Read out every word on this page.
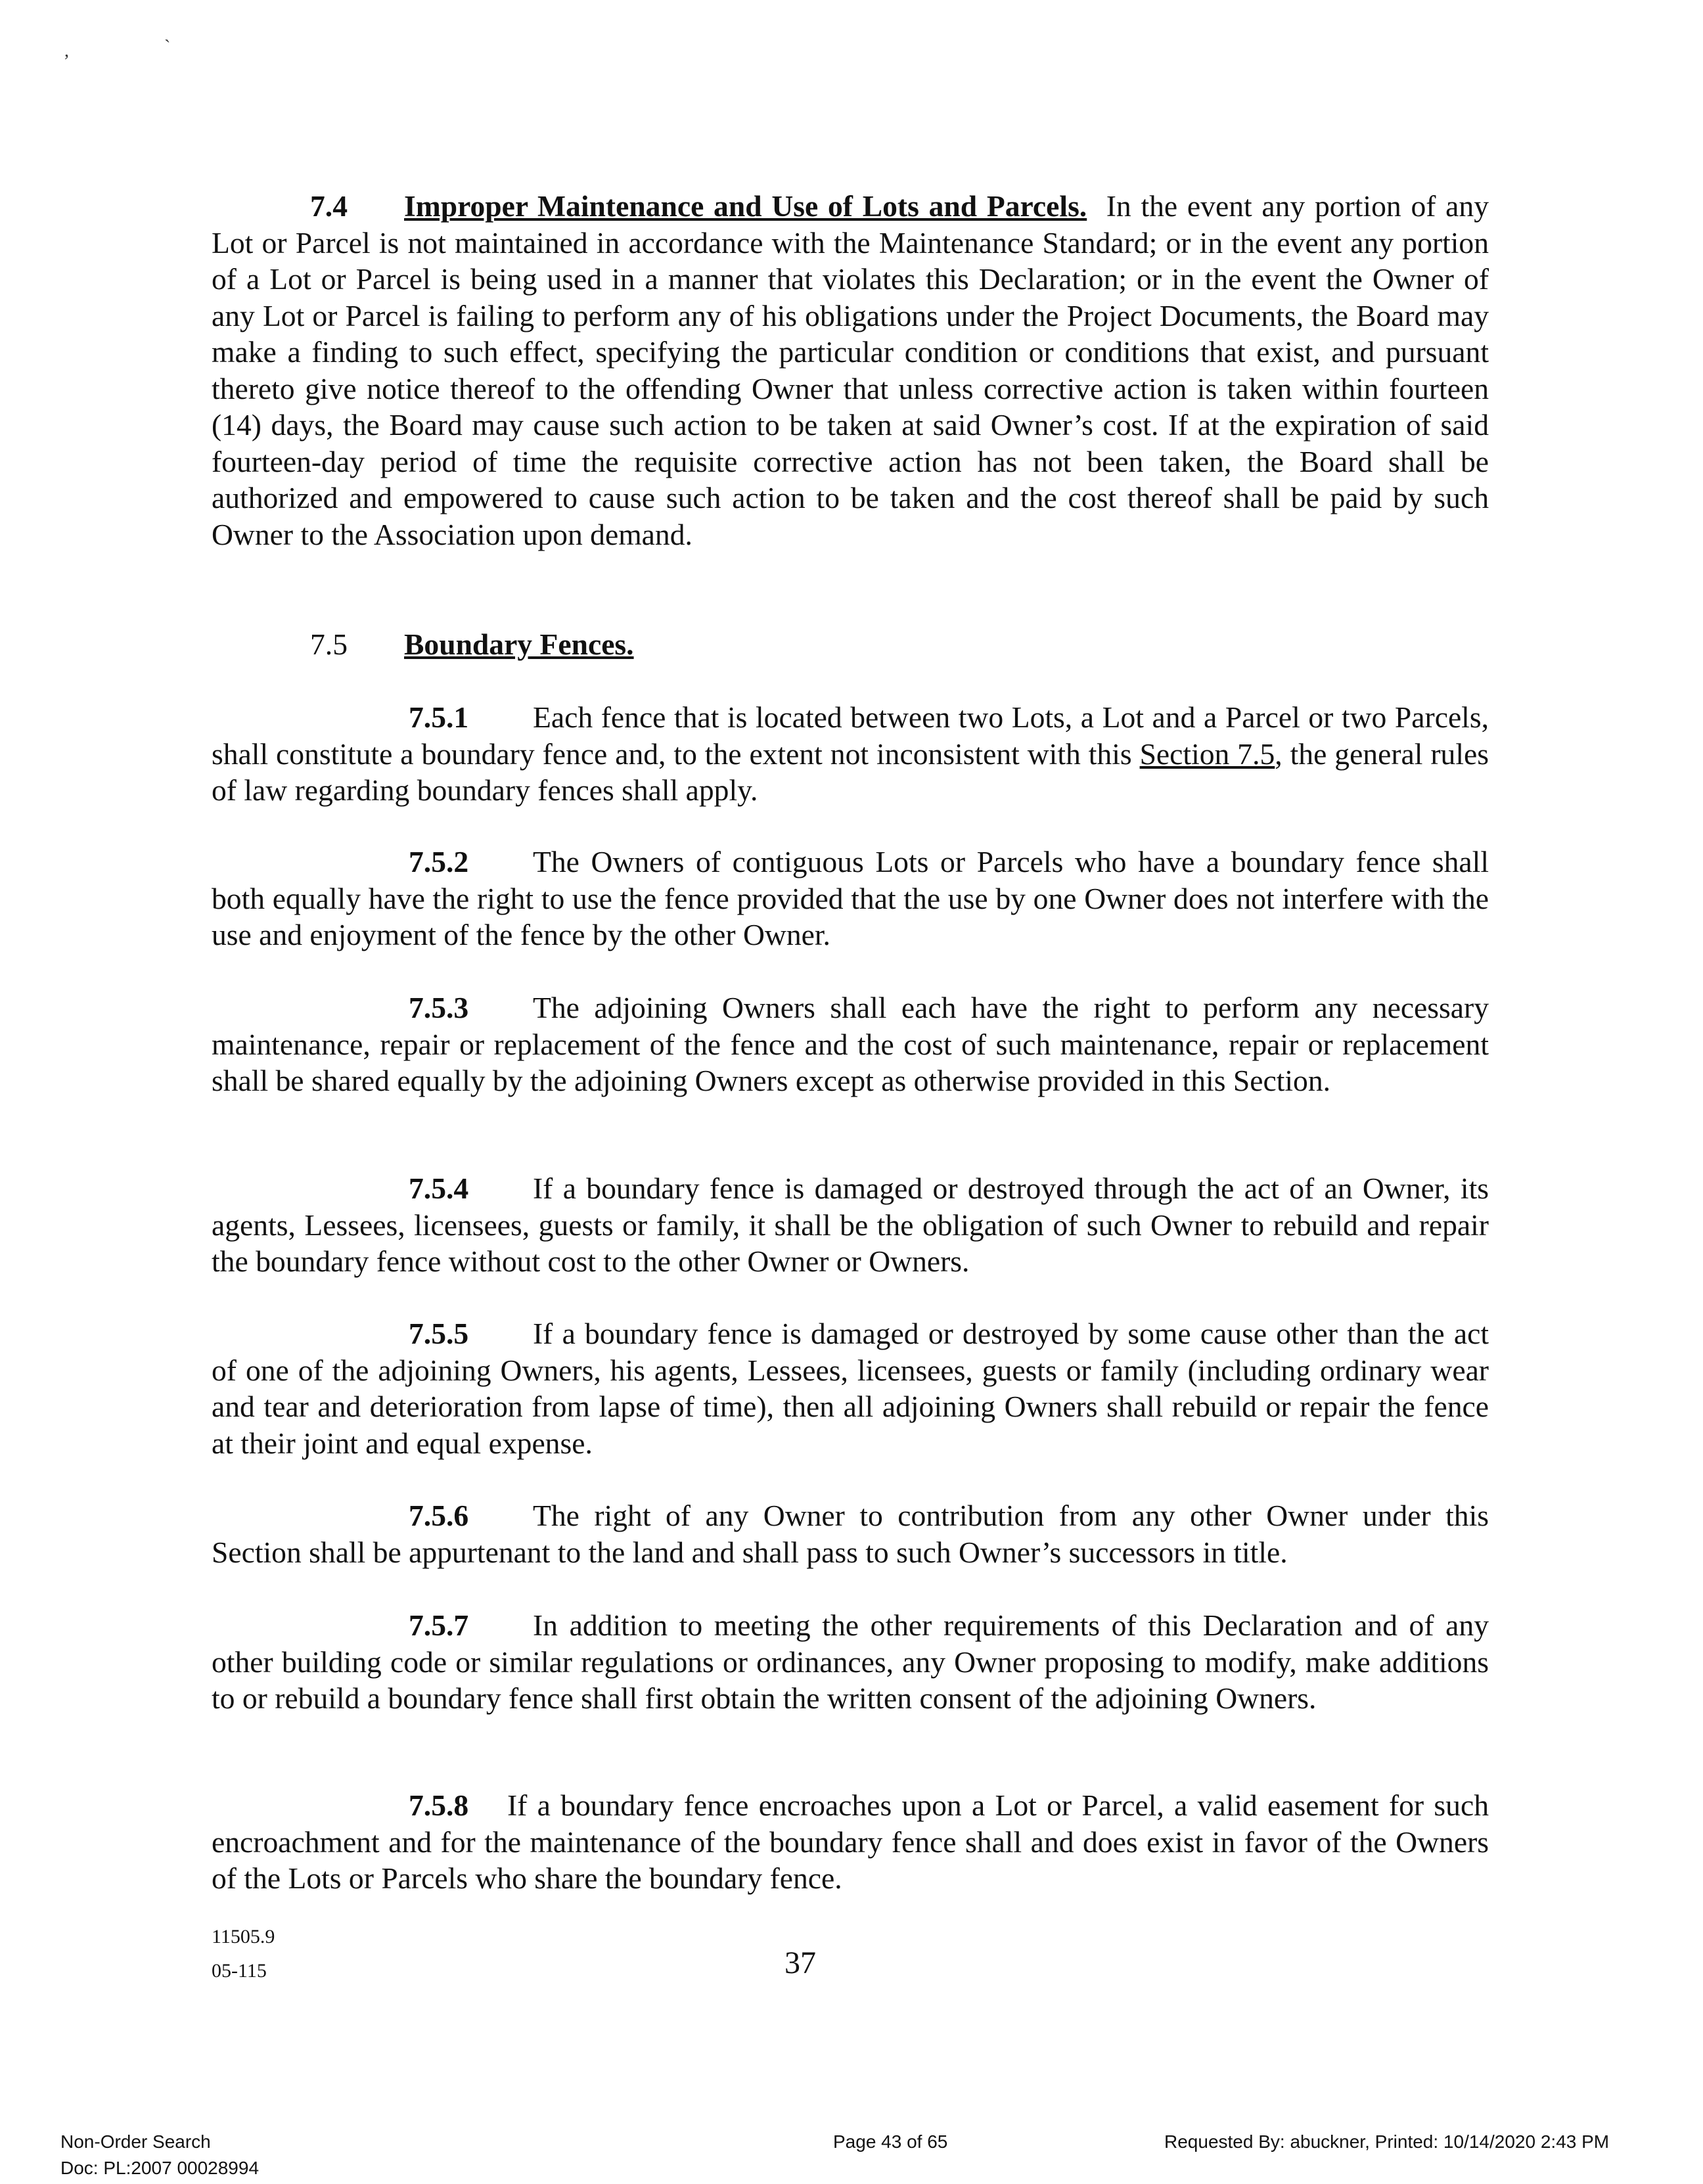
,	`

7.4 Improper Maintenance and Use of Lots and Parcels. In the event any portion of any Lot or Parcel is not maintained in accordance with the Maintenance Standard; or in the event any portion of a Lot or Parcel is being used in a manner that violates this Declaration; or in the event the Owner of any Lot or Parcel is failing to perform any of his obligations under the Project Documents, the Board may make a finding to such effect, specifying the particular condition or conditions that exist, and pursuant thereto give notice thereof to the offending Owner that unless corrective action is taken within fourteen (14) days, the Board may cause such action to be taken at said Owner’s cost. If at the expiration of said fourteen-day period of time the requisite corrective action has not been taken, the Board shall be authorized and empowered to cause such action to be taken and the cost thereof shall be paid by such Owner to the Association upon demand.

7.5 Boundary Fences.

7.5.1 Each fence that is located between two Lots, a Lot and a Parcel or two Parcels, shall constitute a boundary fence and, to the extent not inconsistent with this Section 7.5, the general rules of law regarding boundary fences shall apply.

7.5.2 The Owners of contiguous Lots or Parcels who have a boundary fence shall both equally have the right to use the fence provided that the use by one Owner does not interfere with the use and enjoyment of the fence by the other Owner.

7.5.3 The adjoining Owners shall each have the right to perform any necessary maintenance, repair or replacement of the fence and the cost of such maintenance, repair or replacement shall be shared equally by the adjoining Owners except as otherwise provided in this Section.

7.5.4 If a boundary fence is damaged or destroyed through the act of an Owner, its agents, Lessees, licensees, guests or family, it shall be the obligation of such Owner to rebuild and repair the boundary fence without cost to the other Owner or Owners.

7.5.5 If a boundary fence is damaged or destroyed by some cause other than the act of one of the adjoining Owners, his agents, Lessees, licensees, guests or family (including ordinary wear and tear and deterioration from lapse of time), then all adjoining Owners shall rebuild or repair the fence at their joint and equal expense.

7.5.6 The right of any Owner to contribution from any other Owner under this Section shall be appurtenant to the land and shall pass to such Owner’s successors in title.

7.5.7 In addition to meeting the other requirements of this Declaration and of any other building code or similar regulations or ordinances, any Owner proposing to modify, make additions to or rebuild a boundary fence shall first obtain the written consent of the adjoining Owners.

7.5.8 If a boundary fence encroaches upon a Lot or Parcel, a valid easement for such encroachment and for the maintenance of the boundary fence shall and does exist in favor of the Owners of the Lots or Parcels who share the boundary fence.

11505.9
05-115	37
Non-Order Search
Doc: PL:2007 00028994
Page 43 of 65	Requested By: abuckner, Printed: 10/14/2020 2:43 PM
